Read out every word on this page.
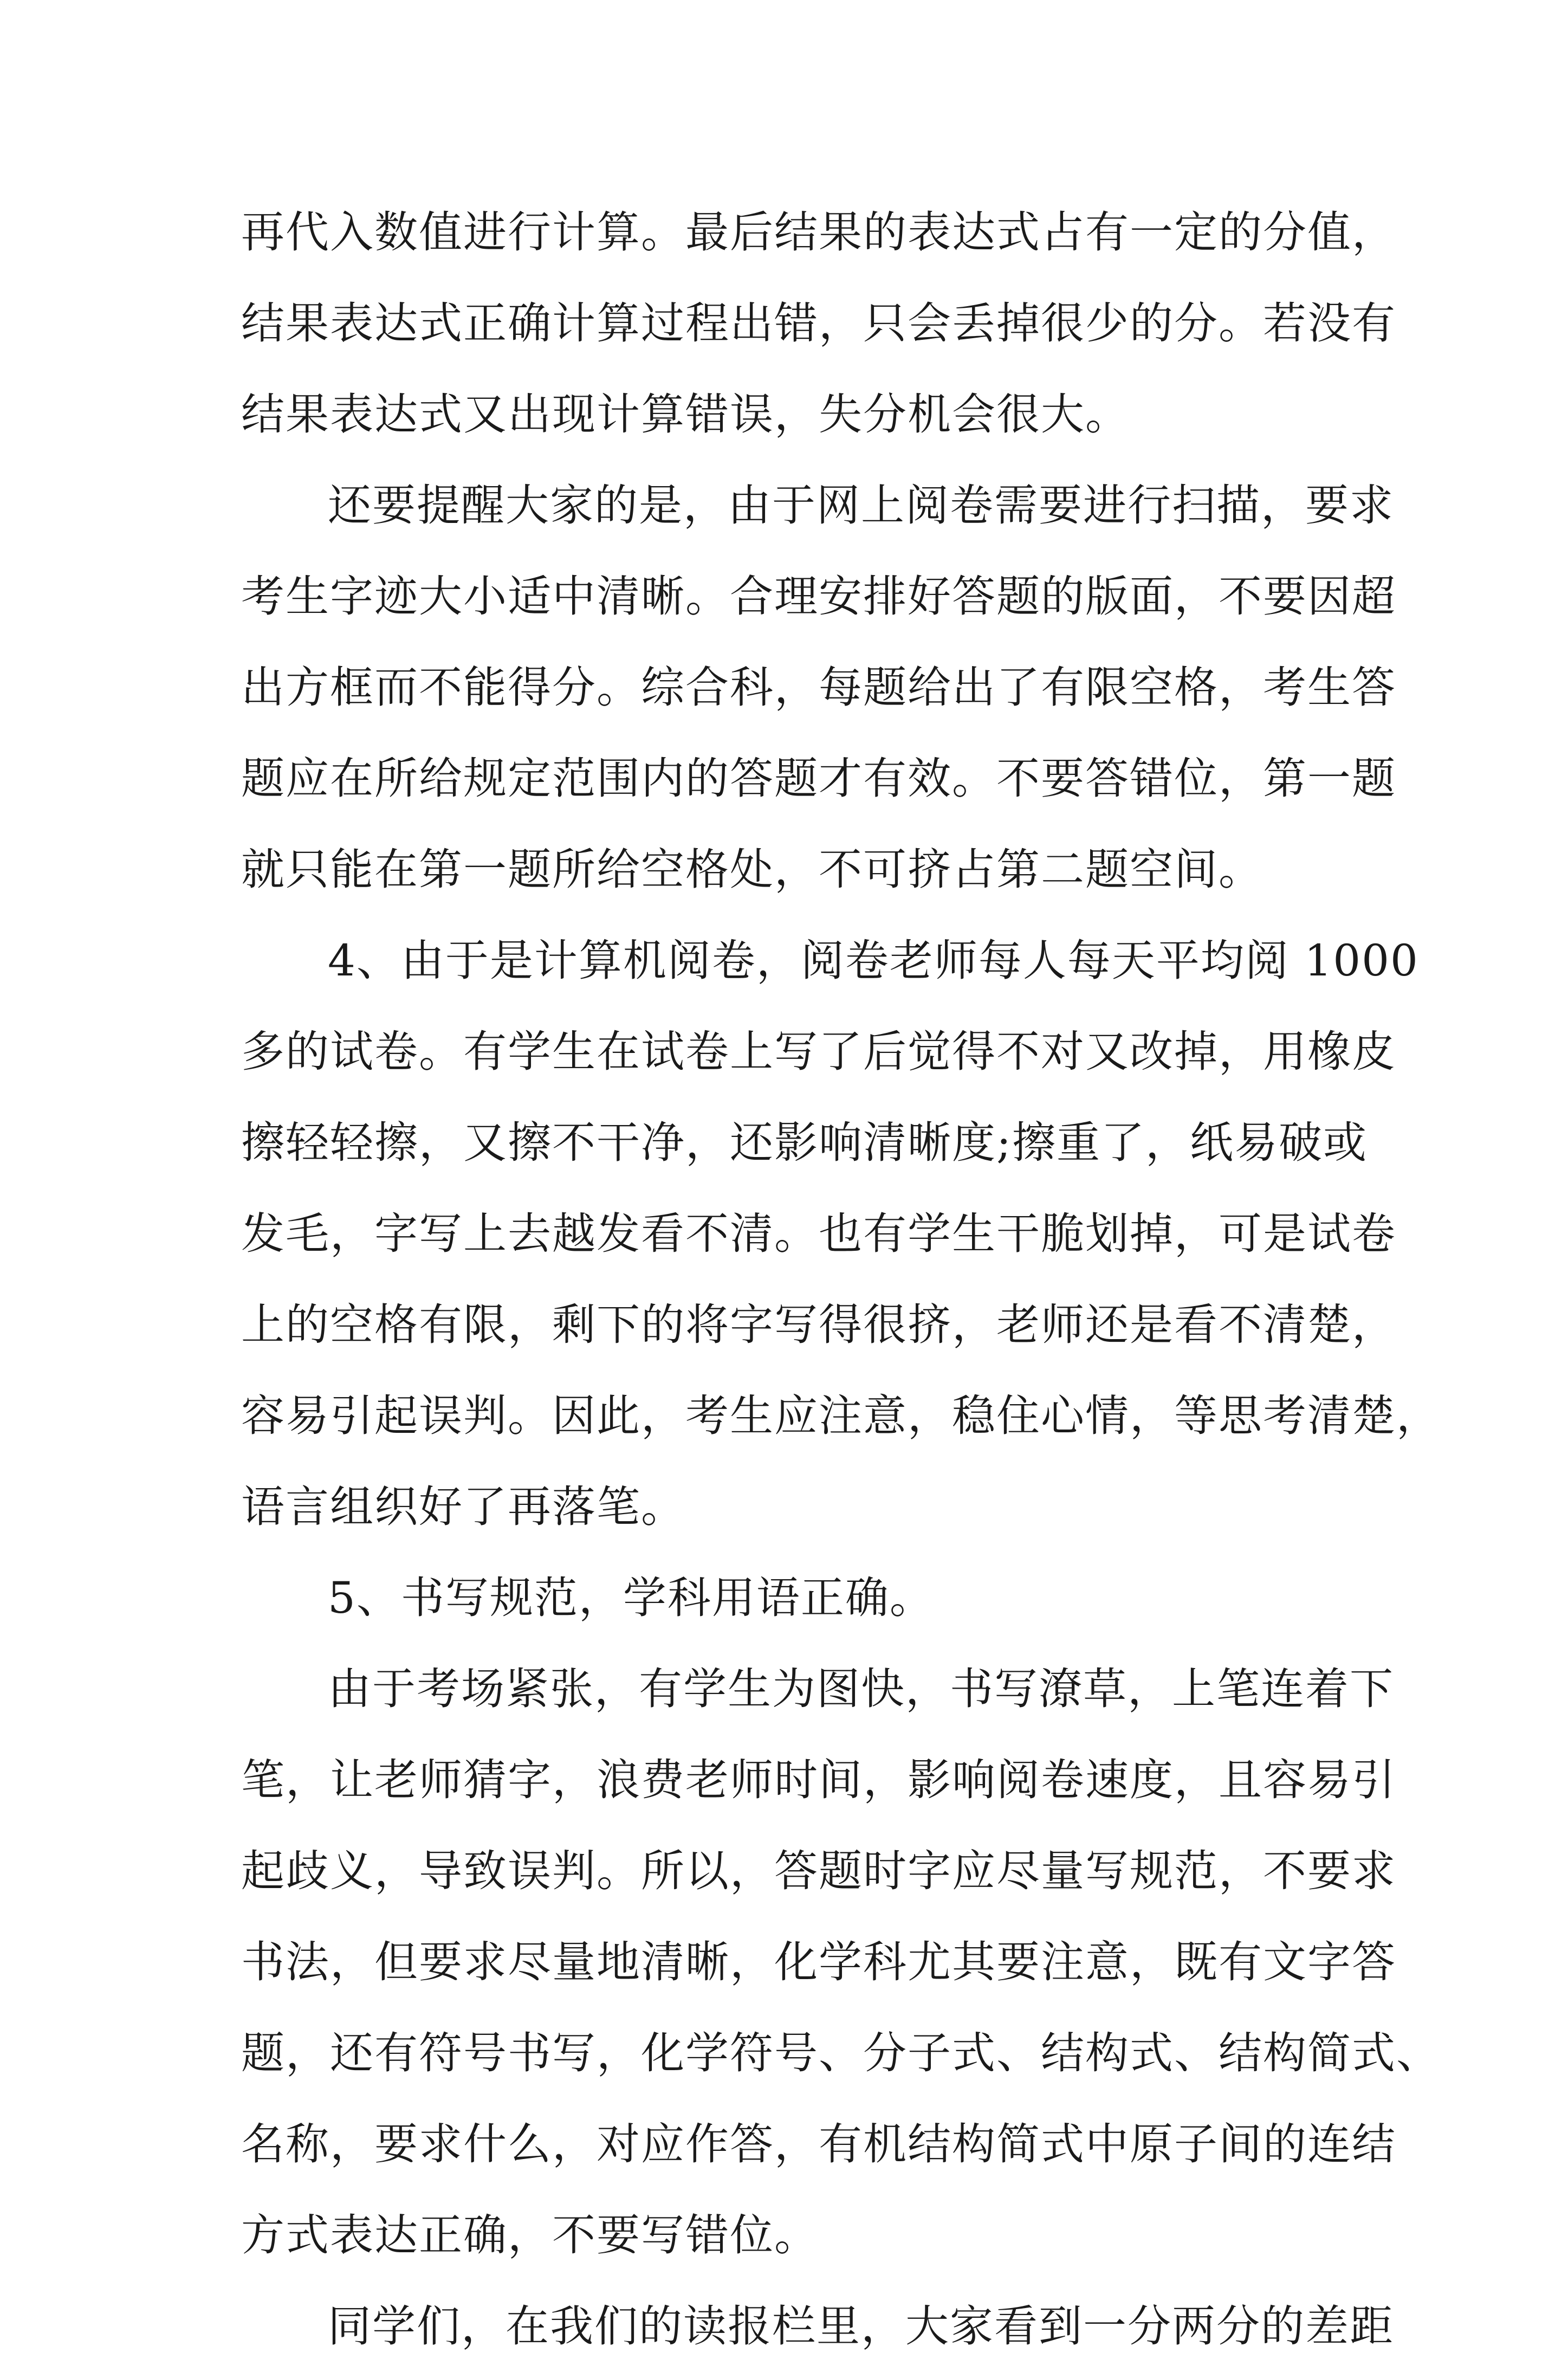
再代入数值进行计算。最后结果的表达式占有一定的分值，
结果表达式正确计算过程出错，只会丢掉很少的分。若没有
结果表达式又出现计算错误，失分机会很大。
还要提醒大家的是，由于网上阅卷需要进行扫描，要求
考生字迹大小适中清晰。合理安排好答题的版面，不要因超
出方框而不能得分。综合科，每题给出了有限空格，考生答
题应在所给规定范围内的答题才有效。不要答错位，第一题
就只能在第一题所给空格处，不可挤占第二题空间。
4、由于是计算机阅卷，阅卷老师每人每天平均阅 1000
多的试卷。有学生在试卷上写了后觉得不对又改掉，用橡皮
擦轻轻擦，又擦不干净，还影响清晰度;擦重了，纸易破或
发毛，字写上去越发看不清。也有学生干脆划掉，可是试卷
上的空格有限，剩下的将字写得很挤，老师还是看不清楚，
容易引起误判。因此，考生应注意，稳住心情，等思考清楚，
语言组织好了再落笔。
5、书写规范，学科用语正确。
由于考场紧张，有学生为图快，书写潦草，上笔连着下
笔，让老师猜字，浪费老师时间，影响阅卷速度，且容易引
起歧义，导致误判。所以，答题时字应尽量写规范，不要求
书法，但要求尽量地清晰，化学科尤其要注意，既有文字答
题，还有符号书写，化学符号、分子式、结构式、结构简式、
名称，要求什么，对应作答，有机结构简式中原子间的连结
方式表达正确，不要写错位。
同学们，在我们的读报栏里，大家看到一分两分的差距
